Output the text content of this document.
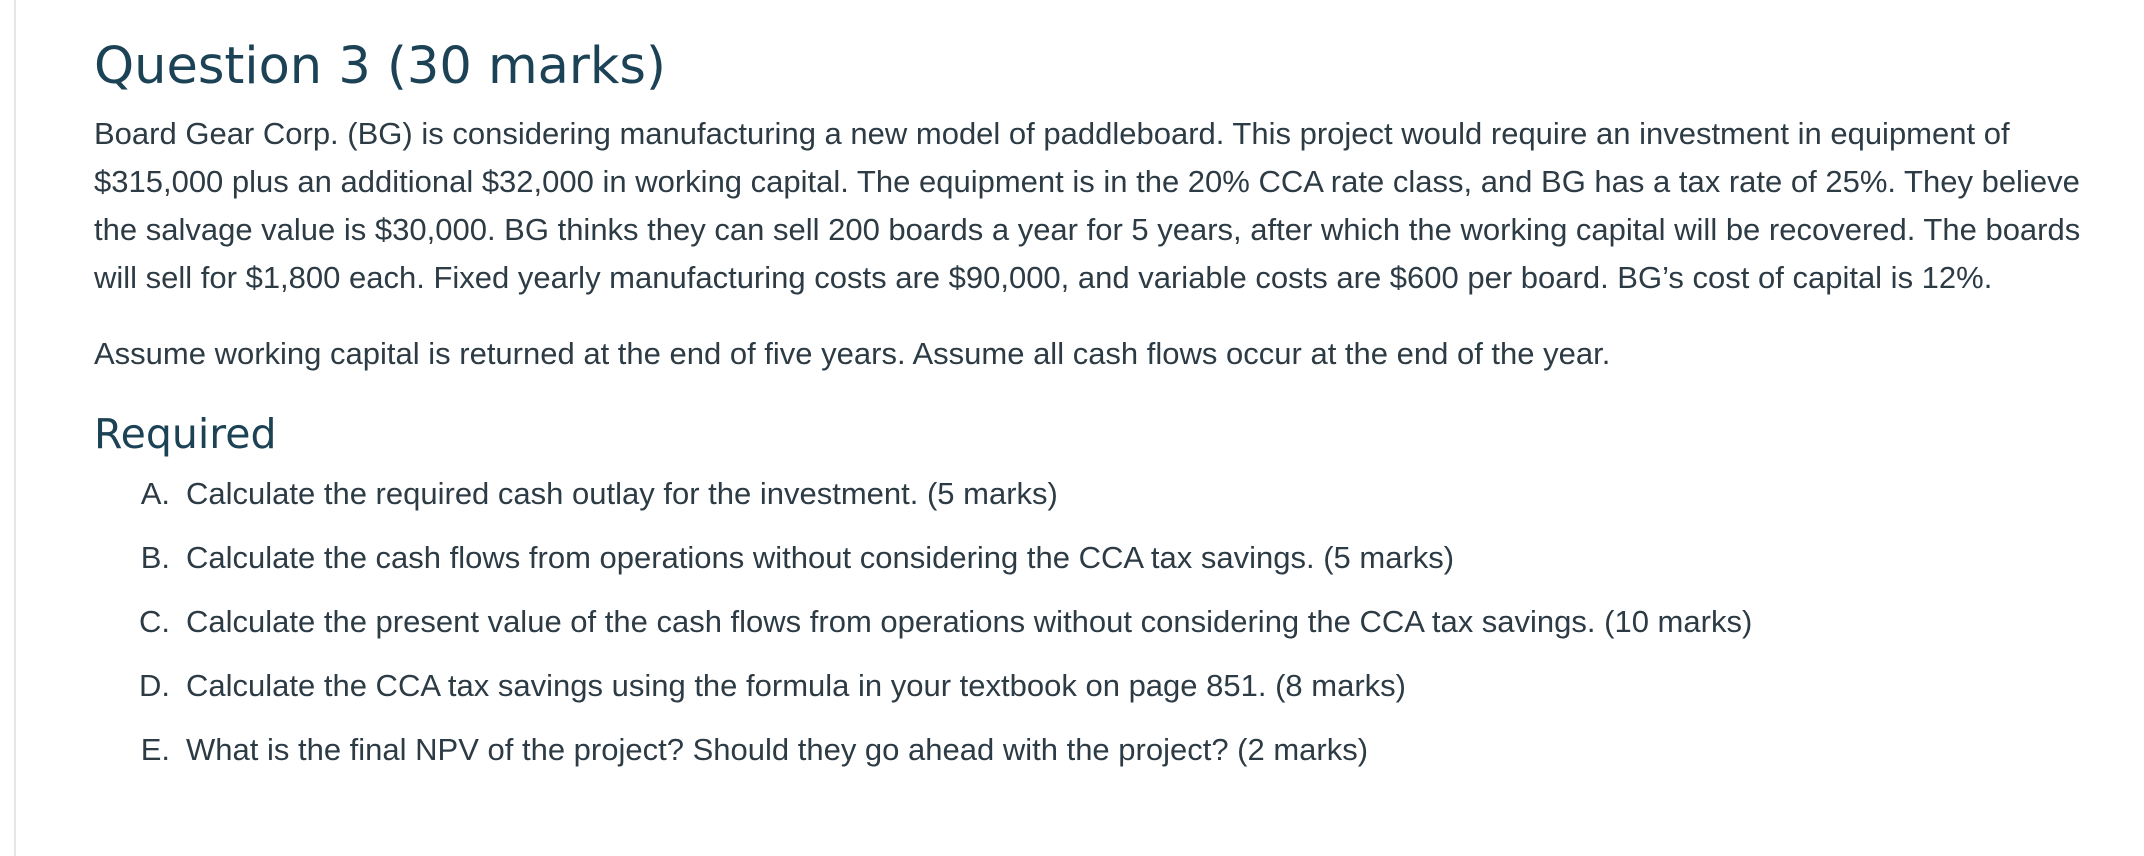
Question 3 (30 marks)

Board Gear Corp. (BG) is considering manufacturing a new model of paddleboard. This project would require an investment in equipment of
$315,000 plus an additional $32,000 in working capital. The equipment is in the 20% CCA rate class, and BG has a tax rate of 25%. They believe
the salvage value is $30,000. BG thinks they can sell 200 boards a year for 5 years, after which the working capital will be recovered. The boards
will sell for $1,800 each. Fixed yearly manufacturing costs are $90,000, and variable costs are $600 per board. BG’s cost of capital is 12%.

Assume working capital is returned at the end of five years. Assume all cash flows occur at the end of the year.

Required
A. Calculate the required cash outlay for the investment. (5 marks)
B. Calculate the cash flows from operations without considering the CCA tax savings. (5 marks)
C. Calculate the present value of the cash flows from operations without considering the CCA tax savings. (10 marks)
D. Calculate the CCA tax savings using the formula in your textbook on page 851. (8 marks)
E. What is the final NPV of the project? Should they go ahead with the project? (2 marks)
